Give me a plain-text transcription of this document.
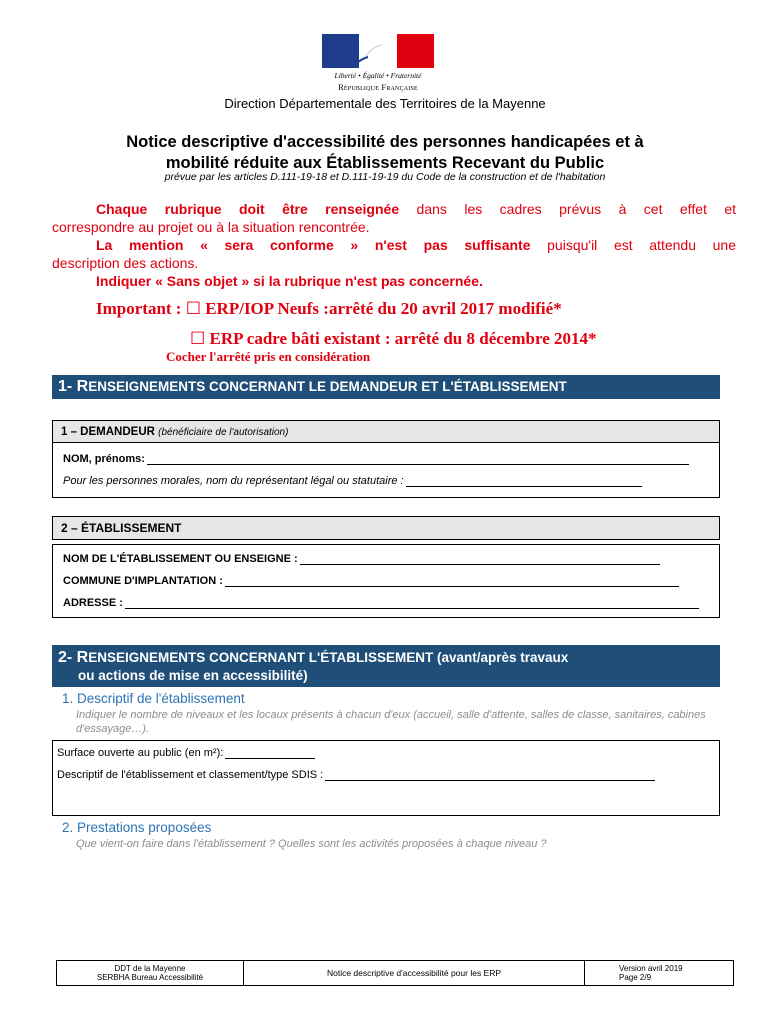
Liberté • Égalité • Fraternité
République Française
Direction Départementale des Territoires de la Mayenne
Notice descriptive d'accessibilité des personnes handicapées et à
mobilité réduite aux Établissements Recevant du Public
prévue par les articles D.111-19-18 et D.111-19-19 du Code de la construction et de l'habitation
Chaque rubrique doit être renseignée dans les cadres prévus à cet effet et
correspondre au projet ou à la situation rencontrée.
La mention « sera conforme » n'est pas suffisante puisqu'il est attendu une
description des actions.
Indiquer « Sans objet » si la rubrique n'est pas concernée.
Important : ☐ ERP/IOP Neufs :arrêté du 20 avril 2017 modifié*
☐ ERP cadre bâti existant : arrêté du 8 décembre 2014*
Cocher l'arrêté pris en considération
1- RENSEIGNEMENTS CONCERNANT LE DEMANDEUR ET L'ÉTABLISSEMENT
1 – DEMANDEUR (bénéficiaire de l'autorisation)
NOM, prénoms:
Pour les personnes morales, nom du représentant légal ou statutaire :
2 – ÉTABLISSEMENT
NOM DE L'ÉTABLISSEMENT OU ENSEIGNE :
COMMUNE D'IMPLANTATION :
ADRESSE :
2- RENSEIGNEMENTS CONCERNANT L'ÉTABLISSEMENT (avant/après travaux
ou actions de mise en accessibilité)
1. Descriptif de l'établissement
Indiquer le nombre de niveaux et les locaux présents à chacun d'eux (accueil, salle d'attente, salles de classe, sanitaires, cabines d'essayage…).
Surface ouverte au public (en m²):
Descriptif de l'établissement et classement/type SDIS :
2. Prestations proposées
Que vient-on faire dans l'établissement ? Quelles sont les activités proposées à chaque niveau ?
DDT de la Mayenne
SERBHA Bureau Accessibilité	Notice descriptive d'accessibilité pour les ERP	Version avril 2019
Page 2/9
